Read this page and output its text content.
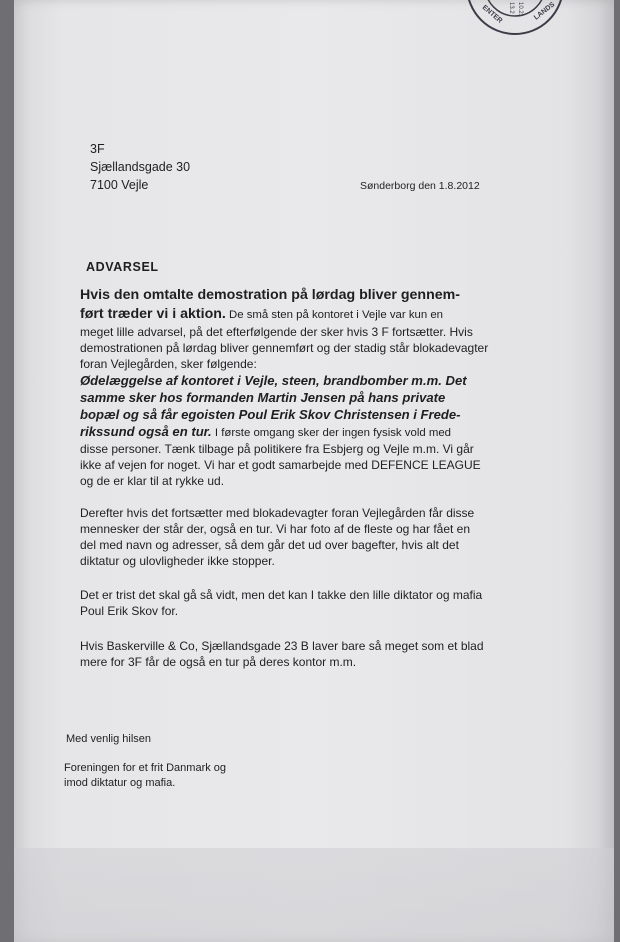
LANDS
ENTER 13.2 10.21
3F
Sjællandsgade 30
7100 Vejle	Sønderborg den 1.8.2012
ADVARSEL
Hvis den omtalte demostration på lørdag bliver gennem-
ført træder vi i aktion. De små sten på kontoret i Vejle var kun en
meget lille advarsel, på det efterfølgende der sker hvis 3 F fortsætter. Hvis
demostrationen på lørdag bliver gennemført og der stadig står blokadevagter
foran Vejlegården, sker følgende:
Ødelæggelse af kontoret i Vejle, steen, brandbomber m.m. Det
samme sker hos formanden Martin Jensen på hans private
bopæl og så får egoisten Poul Erik Skov Christensen i Frede-
rikssund også en tur. I første omgang sker der ingen fysisk vold med
disse personer. Tænk tilbage på politikere fra Esbjerg og Vejle m.m. Vi går
ikke af vejen for noget. Vi har et godt samarbejde med DEFENCE LEAGUE
og de er klar til at rykke ud.
Derefter hvis det fortsætter med blokadevagter foran Vejlegården får disse
mennesker der står der, også en tur. Vi har foto af de fleste og har fået en
del med navn og adresser, så dem går det ud over bagefter, hvis alt det
diktatur og ulovligheder ikke stopper.
Det er trist det skal gå så vidt, men det kan I takke den lille diktator og mafia
Poul Erik Skov for.
Hvis Baskerville & Co, Sjællandsgade 23 B laver bare så meget som et blad
mere for 3F får de også en tur på deres kontor m.m.
Med venlig hilsen
Foreningen for et frit Danmark og
imod diktatur og mafia.
